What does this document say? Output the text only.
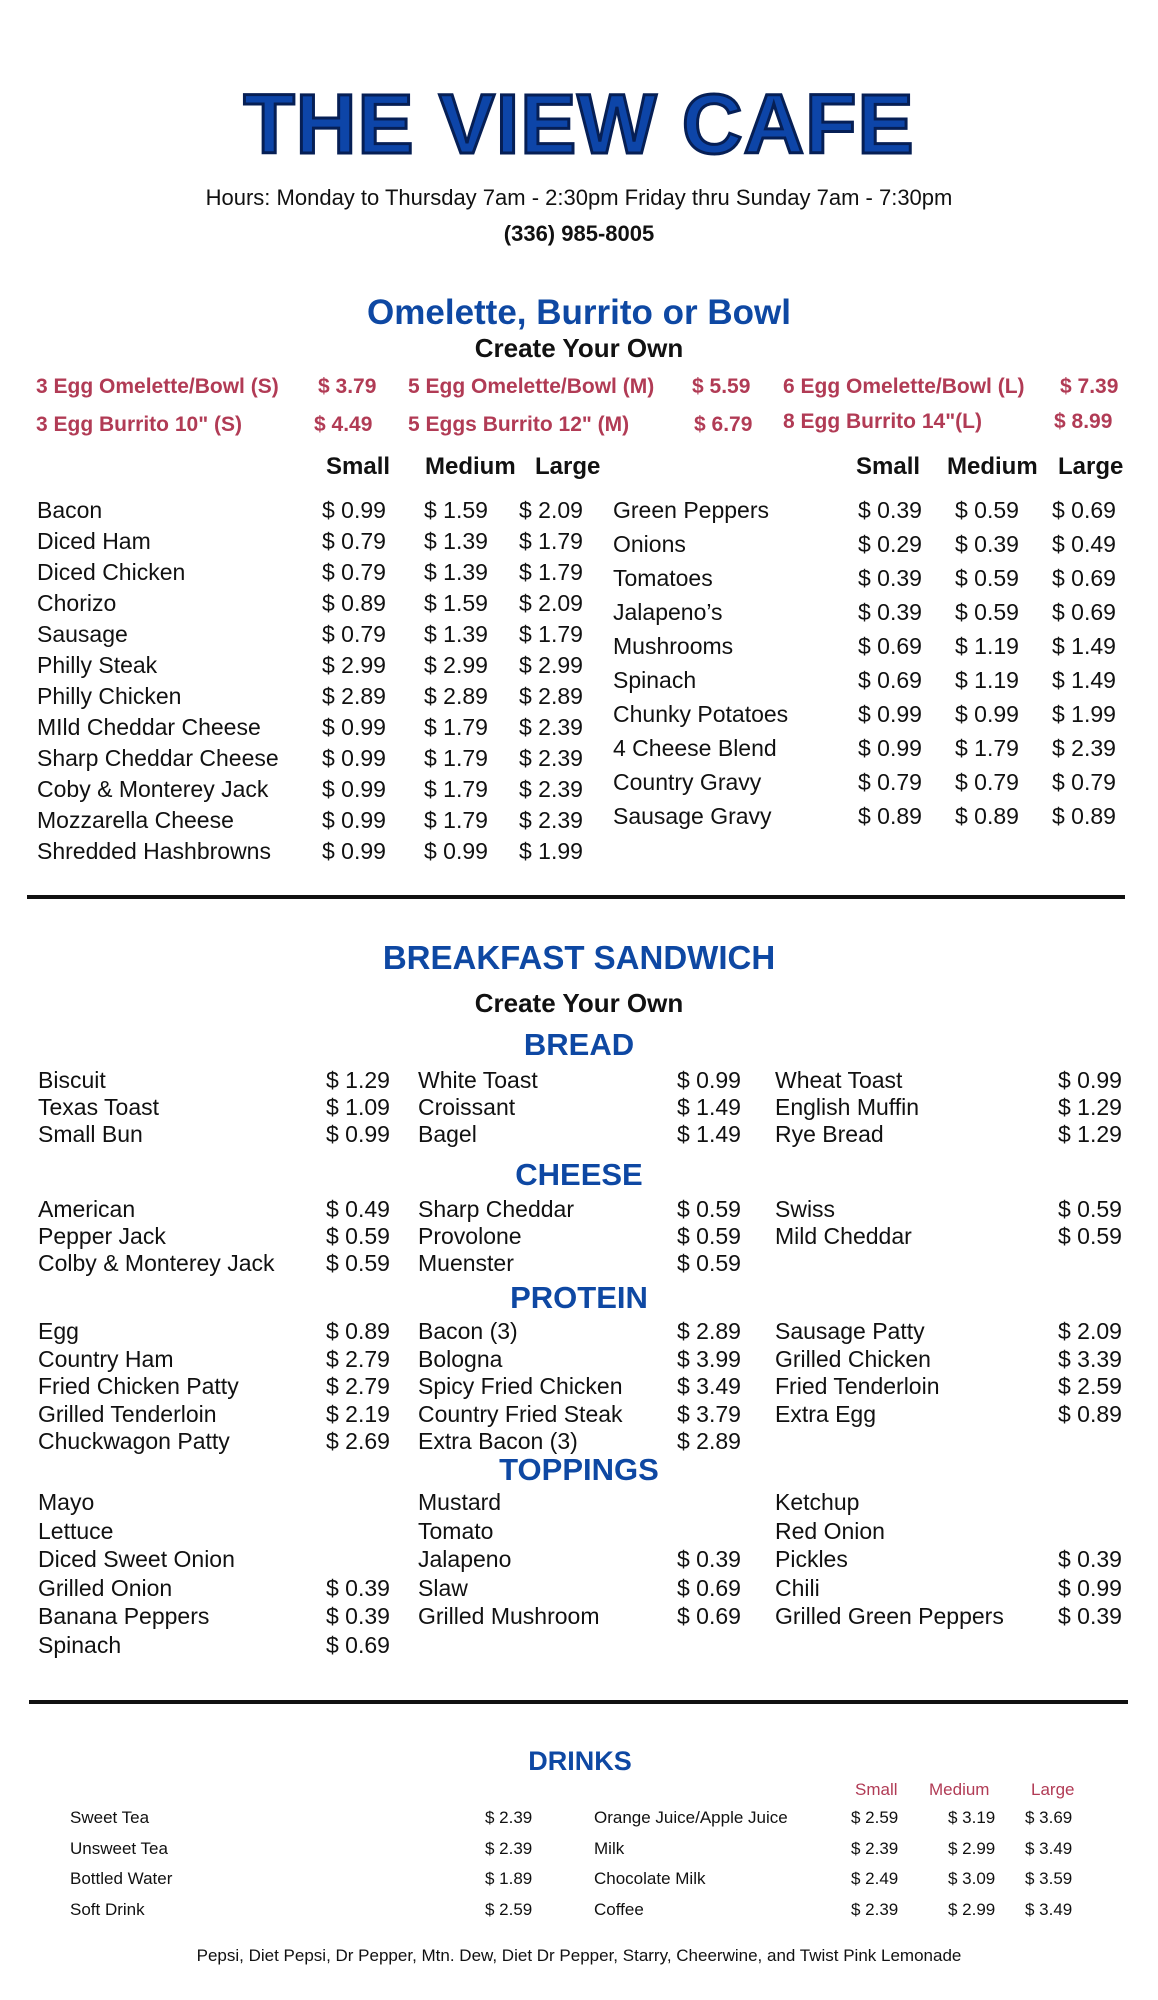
THE VIEW CAFE
Hours: Monday to Thursday 7am - 2:30pm Friday thru Sunday 7am - 7:30pm
(336) 985-8005
Omelette, Burrito or Bowl
Create Your Own
3 Egg Omelette/Bowl (S) $ 3.79 5 Egg Omelette/Bowl (M) $ 5.59 6 Egg Omelette/Bowl (L) $ 7.39
3 Egg Burrito 10" (S)	$ 4.49 5 Eggs Burrito 12" (M)	$ 6.79 8 Egg Burrito 14"(L)	$ 8.99
Small Medium Large	Small Medium Large
Bacon	$ 0.99 $ 1.59 $ 2.09
Diced Ham	$ 0.79 $ 1.39 $ 1.79
Diced Chicken	$ 0.79 $ 1.39 $ 1.79
Chorizo	$ 0.89 $ 1.59 $ 2.09
Sausage	$ 0.79 $ 1.39 $ 1.79
Philly Steak	$ 2.99 $ 2.99 $ 2.99
Philly Chicken	$ 2.89 $ 2.89 $ 2.89
MIld Cheddar Cheese	$ 0.99 $ 1.79 $ 2.39
Sharp Cheddar Cheese $ 0.99 $ 1.79 $ 2.39
Coby & Monterey Jack $ 0.99 $ 1.79 $ 2.39
Mozzarella Cheese	$ 0.99 $ 1.79 $ 2.39
Shredded Hashbrowns $ 0.99 $ 0.99 $ 1.99
Green Peppers	$ 0.39 $ 0.59 $ 0.69
Onions	$ 0.29 $ 0.39 $ 0.49
Tomatoes	$ 0.39 $ 0.59 $ 0.69
Jalapeno’s	$ 0.39 $ 0.59 $ 0.69
Mushrooms	$ 0.69 $ 1.19 $ 1.49
Spinach	$ 0.69 $ 1.19 $ 1.49
Chunky Potatoes	$ 0.99 $ 0.99 $ 1.99
4 Cheese Blend	$ 0.99 $ 1.79 $ 2.39
Country Gravy	$ 0.79 $ 0.79 $ 0.79
Sausage Gravy	$ 0.89 $ 0.89 $ 0.89
BREAKFAST SANDWICH
Create Your Own
BREAD
Biscuit	$ 1.29
Texas Toast	$ 1.09
Small Bun	$ 0.99
White Toast	$ 0.99
Croissant	$ 1.49
Bagel	$ 1.49
Wheat Toast	$ 0.99
English Muffin	$ 1.29
Rye Bread	$ 1.29
CHEESE
American	$ 0.49
Pepper Jack	$ 0.59
Colby & Monterey Jack $ 0.59
Sharp Cheddar	$ 0.59
Provolone	$ 0.59
Muenster	$ 0.59
Swiss	$ 0.59
Mild Cheddar	$ 0.59
PROTEIN
Egg	$ 0.89
Country Ham	$ 2.79
Fried Chicken Patty	$ 2.79
Grilled Tenderloin	$ 2.19
Chuckwagon Patty	$ 2.69
Bacon (3)	$ 2.89
Bologna	$ 3.99
Spicy Fried Chicken $ 3.49
Country Fried Steak $ 3.79
Extra Bacon (3)	$ 2.89
Sausage Patty	$ 2.09
Grilled Chicken	$ 3.39
Fried Tenderloin	$ 2.59
Extra Egg	$ 0.89
TOPPINGS
Mayo
Lettuce
Diced Sweet Onion
Grilled Onion	$ 0.39
Banana Peppers	$ 0.39
Spinach	$ 0.69
Mustard
Tomato
Jalapeno	$ 0.39
Slaw	$ 0.69
Grilled Mushroom	$ 0.69
Ketchup
Red Onion
Pickles	$ 0.39
Chili	$ 0.99
Grilled Green Peppers $ 0.39
DRINKS
Small Medium Large
Sweet Tea	$ 2.39
Unsweet Tea	$ 2.39
Bottled Water	$ 1.89
Soft Drink	$ 2.59
Orange Juice/Apple Juice	$ 2.59	$ 3.19 $ 3.69
Milk	$ 2.39	$ 2.99 $ 3.49
Chocolate Milk	$ 2.49	$ 3.09 $ 3.59
Coffee	$ 2.39	$ 2.99 $ 3.49
Pepsi, Diet Pepsi, Dr Pepper, Mtn. Dew, Diet Dr Pepper, Starry, Cheerwine, and Twist Pink Lemonade
